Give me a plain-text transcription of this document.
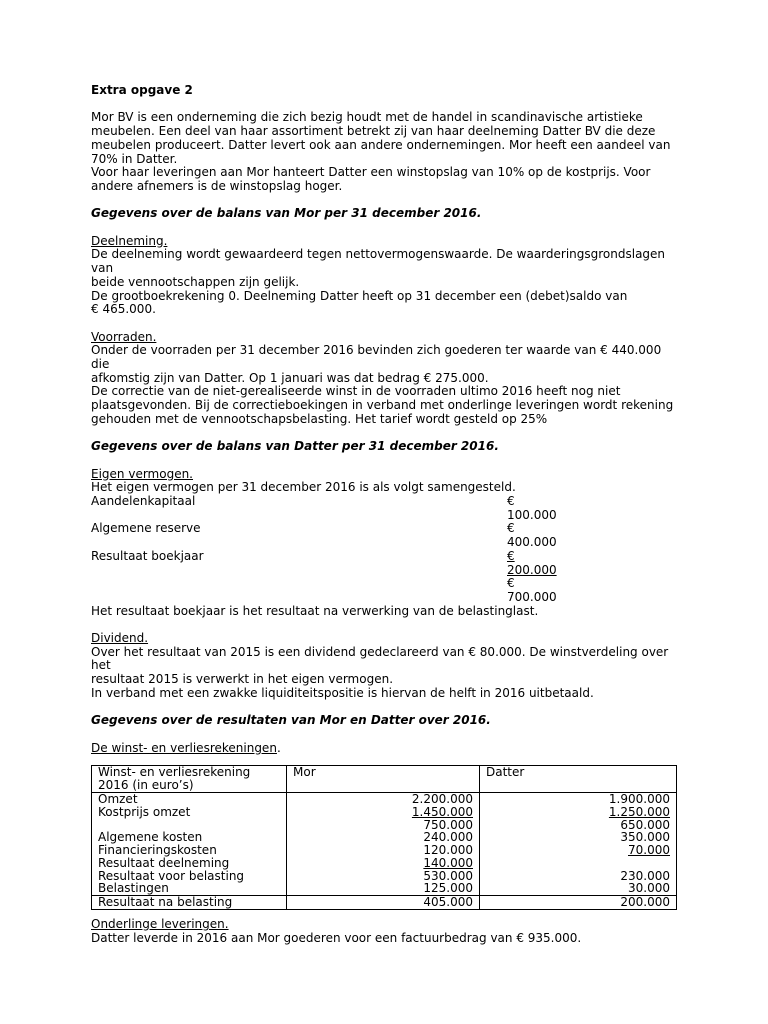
Extra opgave 2

Mor BV is een onderneming die zich bezig houdt met de handel in scandinavische artistieke

meubelen. Een deel van haar assortiment betrekt zij van haar deelneming Datter BV die deze

meubelen produceert. Datter levert ook aan andere ondernemingen. Mor heeft een aandeel van

70% in Datter.

Voor haar leveringen aan Mor hanteert Datter een winstopslag van 10% op de kostprijs. Voor

andere afnemers is de winstopslag hoger.

Gegevens over de balans van Mor per 31 december 2016.

Deelneming.

De deelneming wordt gewaardeerd tegen nettovermogenswaarde. De waarderingsgrondslagen van

beide vennootschappen zijn gelijk.

De grootboekrekening 0. Deelneming Datter heeft op 31 december een (debet)saldo van

€ 465.000.

Voorraden.

Onder de voorraden per 31 december 2016 bevinden zich goederen ter waarde van € 440.000 die

afkomstig zijn van Datter. Op 1 januari was dat bedrag € 275.000.

De correctie van de niet-gerealiseerde winst in de voorraden ultimo 2016 heeft nog niet

plaatsgevonden. Bij de correctieboekingen in verband met onderlinge leveringen wordt rekening

gehouden met de vennootschapsbelasting. Het tarief wordt gesteld op 25%

Gegevens over de balans van Datter per 31 december 2016.

Eigen vermogen.

Het eigen vermogen per 31 december 2016 is als volgt samengesteld.

Aandelenkapitaal	€ 100.000
Algemene reserve	€ 400.000
Resultaat boekjaar	€ 200.000
€ 700.000

Het resultaat boekjaar is het resultaat na verwerking van de belastinglast.

Dividend.

Over het resultaat van 2015 is een dividend gedeclareerd van € 80.000. De winstverdeling over het

resultaat 2015 is verwerkt in het eigen vermogen.

In verband met een zwakke liquiditeitspositie is hiervan de helft in 2016 uitbetaald.

Gegevens over de resultaten van Mor en Datter over 2016.

De winst- en verliesrekeningen.

Winst- en verliesrekening
2016 (in euro’s)	Mor	Datter
Omzet	2.200.000	1.900.000
Kostprijs omzet	1.450.000	1.250.000
	750.000	650.000
Algemene kosten	240.000	350.000
Financieringskosten	120.000	70.000
Resultaat deelneming	140.000	
Resultaat voor belasting	530.000	230.000
Belastingen	125.000	30.000
Resultaat na belasting	405.000	200.000

Onderlinge leveringen.

Datter leverde in 2016 aan Mor goederen voor een factuurbedrag van € 935.000.
